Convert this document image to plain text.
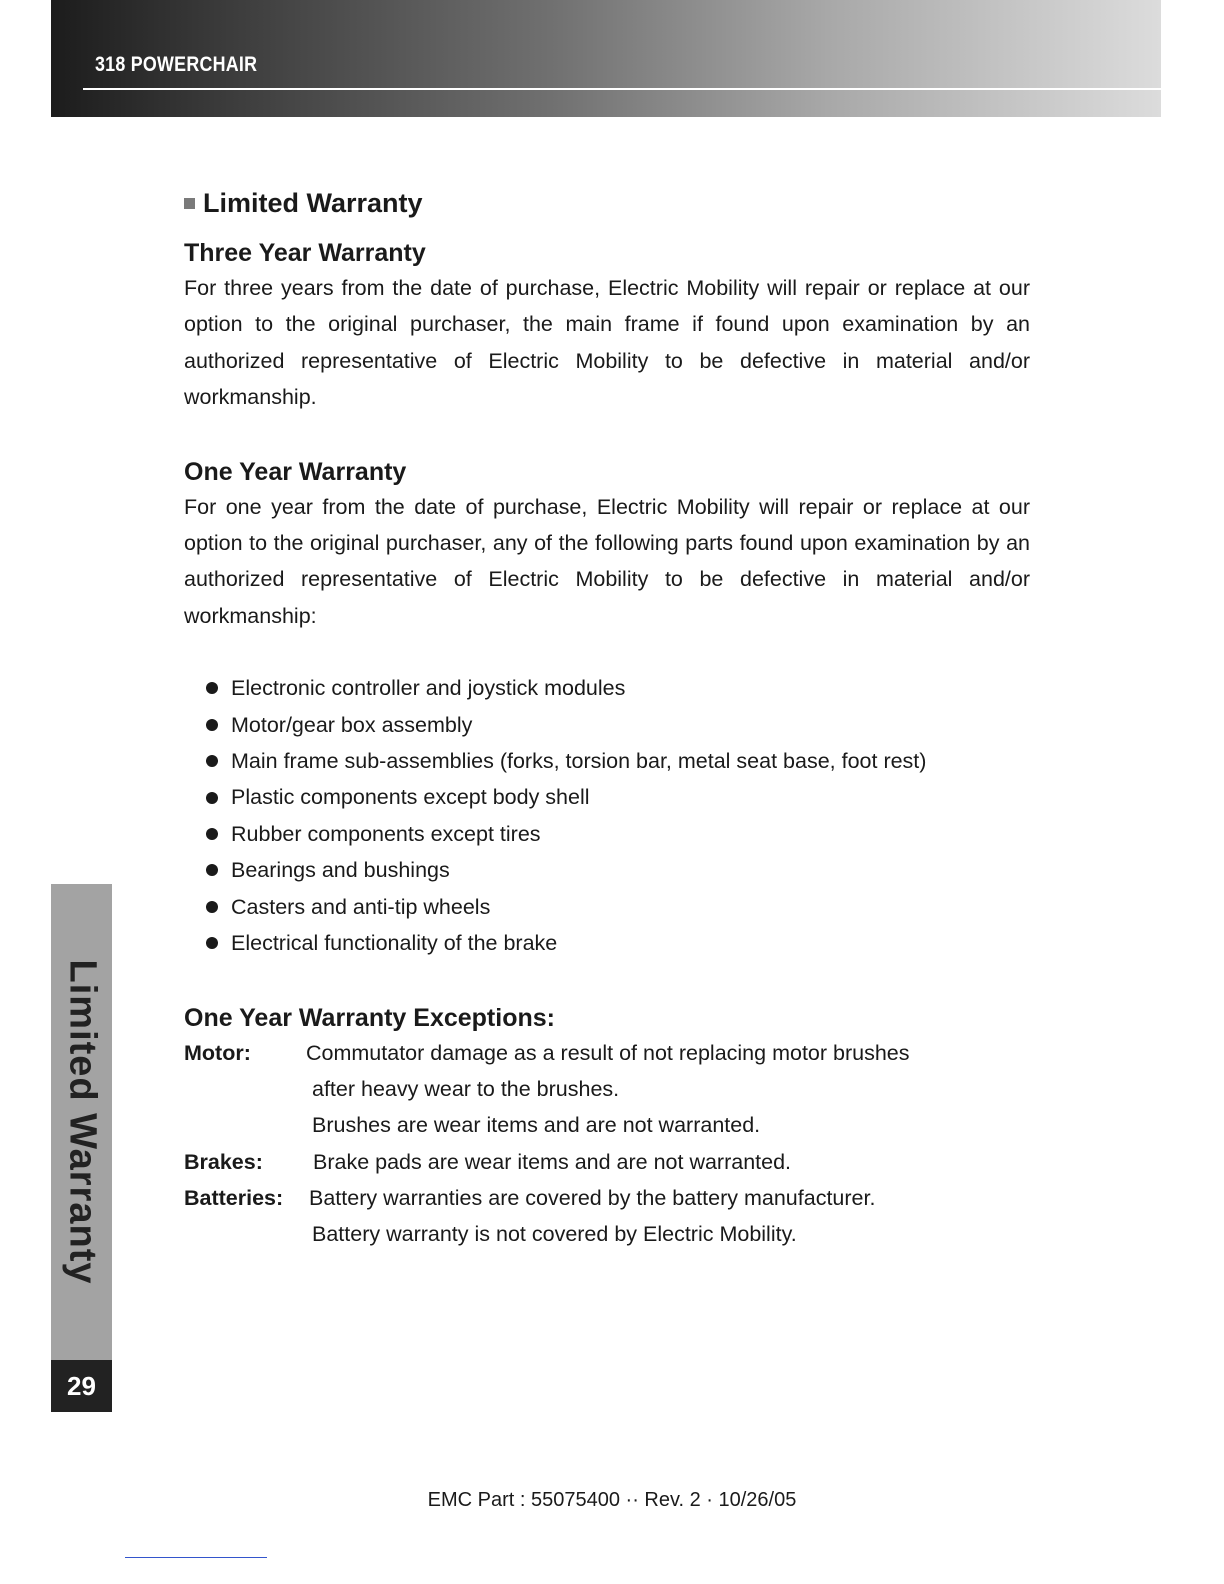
318 POWERCHAIR
Limited Warranty
29
Limited Warranty
Three Year Warranty

For three years from the date of purchase, Electric Mobility will repair or replace at our option to the original purchaser, the main frame if found upon examination by an authorized representative of Electric Mobility to be defective in material and/or workmanship.

One Year Warranty

For one year from the date of purchase, Electric Mobility will repair or replace at our option to the original purchaser, any of the following parts found upon examination by an authorized representative of Electric Mobility to be defective in material and/or workmanship:

Electronic controller and joystick modules
Motor/gear box assembly
Main frame sub-assemblies (forks, torsion bar, metal seat base, foot rest)
Plastic components except body shell
Rubber components except tires
Bearings and bushings
Casters and anti-tip wheels
Electrical functionality of the brake
One Year Warranty Exceptions:
Motor:	Commutator damage as a result of not replacing motor brushes
after heavy wear to the brushes.
Brushes are wear items and are not warranted.
Brakes: Brake pads are wear items and are not warranted.
Batteries: Battery warranties are covered by the battery manufacturer.
Battery warranty is not covered by Electric Mobility.
EMC Part : 55075400 ·· Rev. 2 · 10/26/05
